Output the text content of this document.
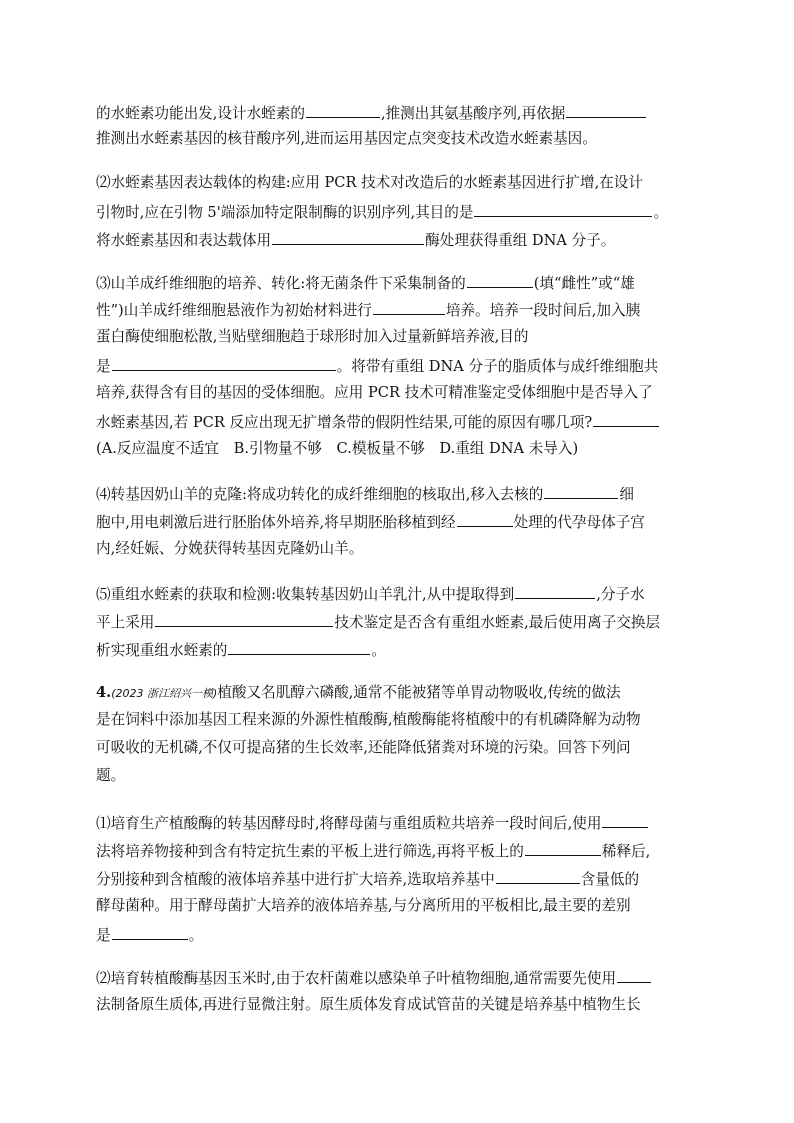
的水蛭素功能出发,设计水蛭素的	,推测出其氨基酸序列,再依据
推测出水蛭素基因的核苷酸序列,进而运用基因定点突变技术改造水蛭素基因。
⑵水蛭素基因表达载体的构建:应用 PCR 技术对改造后的水蛭素基因进行扩增,在设计
引物时,应在引物 5'端添加特定限制酶的识别序列,其目的是	。
将水蛭素基因和表达载体用	酶处理获得重组 DNA 分子。
⑶山羊成纤维细胞的培养、转化:将无菌条件下采集制备的	(填“雌性”或“雄
性”)山羊成纤维细胞悬液作为初始材料进行	培养。培养一段时间后,加入胰
蛋白酶使细胞松散,当贴壁细胞趋于球形时加入过量新鲜培养液,目的
是	。将带有重组 DNA 分子的脂质体与成纤维细胞共
培养,获得含有目的基因的受体细胞。应用 PCR 技术可精准鉴定受体细胞中是否导入了
水蛭素基因,若 PCR 反应出现无扩增条带的假阴性结果,可能的原因有哪几项?
(A.反应温度不适宜　B.引物量不够　C.模板量不够　D.重组 DNA 未导入)
⑷转基因奶山羊的克隆:将成功转化的成纤维细胞的核取出,移入去核的	细
胞中,用电刺激后进行胚胎体外培养,将早期胚胎移植到经	处理的代孕母体子宫
内,经妊娠、分娩获得转基因克隆奶山羊。
⑸重组水蛭素的获取和检测:收集转基因奶山羊乳汁,从中提取得到	,分子水
平上采用	技术鉴定是否含有重组水蛭素,最后使用离子交换层
析实现重组水蛭素的	。
4.(2023 浙江绍兴一模)植酸又名肌醇六磷酸,通常不能被猪等单胃动物吸收,传统的做法
是在饲料中添加基因工程来源的外源性植酸酶,植酸酶能将植酸中的有机磷降解为动物
可吸收的无机磷,不仅可提高猪的生长效率,还能降低猪粪对环境的污染。回答下列问
题。
⑴培育生产植酸酶的转基因酵母时,将酵母菌与重组质粒共培养一段时间后,使用
法将培养物接种到含有特定抗生素的平板上进行筛选,再将平板上的	稀释后,
分别接种到含植酸的液体培养基中进行扩大培养,选取培养基中	含量低的
酵母菌种。用于酵母菌扩大培养的液体培养基,与分离所用的平板相比,最主要的差别
是	。
⑵培育转植酸酶基因玉米时,由于农杆菌难以感染单子叶植物细胞,通常需要先使用
法制备原生质体,再进行显微注射。原生质体发育成试管苗的关键是培养基中植物生长
